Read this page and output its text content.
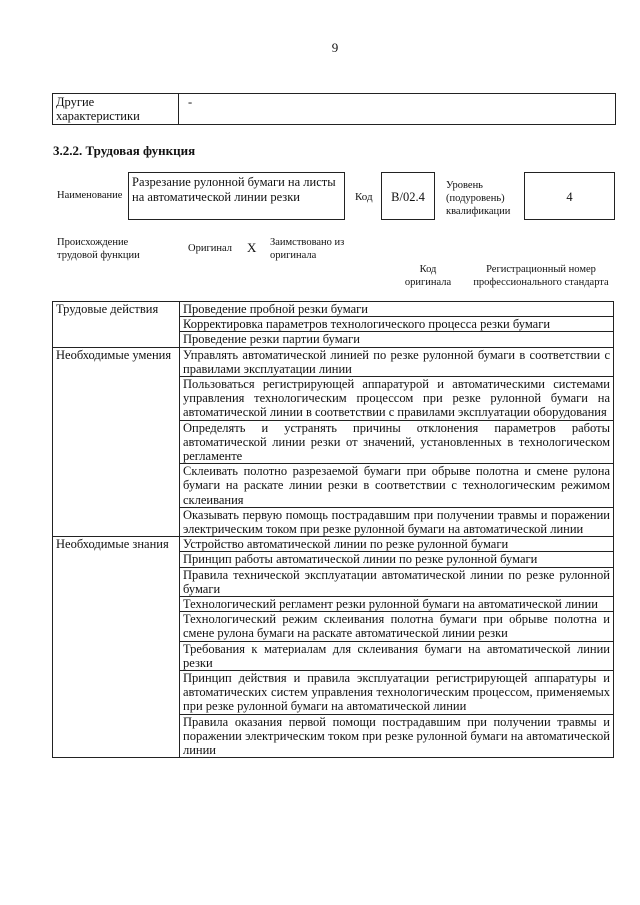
9
Другие характеристики
-
3.2.2. Трудовая функция
Наименование
Разрезание рулонной бумаги на листы на автоматической линии резки	Код	B/02.4
Уровень
(подуровень)
квалификации
4
Происхождение
трудовой функции
Оригинал X Заимствовано из
оригинала
Код
оригинала
Регистрационный номер
профессионального стандарта
Трудовые действия	Проведение пробной резки бумаги
	Корректировка параметров технологического процесса резки бумаги
	Проведение резки партии бумаги
Необходимые умения	Управлять автоматической линией по резке рулонной бумаги в соответствии с правилами эксплуатации линии
	Пользоваться регистрирующей аппаратурой и автоматическими системами управления технологическим процессом при резке рулонной бумаги на автоматической линии в соответствии с правилами эксплуатации оборудования
	Определять и устранять причины отклонения параметров работы автоматической линии резки от значений, установленных в технологическом регламенте
	Склеивать полотно разрезаемой бумаги при обрыве полотна и смене рулона бумаги на раскате линии резки в соответствии с технологическим режимом склеивания
	Оказывать первую помощь пострадавшим при получении травмы и поражении электрическим током при резке рулонной бумаги на автоматической линии
Необходимые знания	Устройство автоматической линии по резке рулонной бумаги
	Принцип работы автоматической линии по резке рулонной бумаги
	Правила технической эксплуатации автоматической линии по резке рулонной бумаги
	Технологический регламент резки рулонной бумаги на автоматической линии
	Технологический режим склеивания полотна бумаги при обрыве полотна и смене рулона бумаги на раскате автоматической линии резки
	Требования к материалам для склеивания бумаги на автоматической линии резки
	Принцип действия и правила эксплуатации регистрирующей аппаратуры и автоматических систем управления технологическим процессом, применяемых при резке рулонной бумаги на автоматической линии
	Правила оказания первой помощи пострадавшим при получении травмы и поражении электрическим током при резке рулонной бумаги на автоматической линии
